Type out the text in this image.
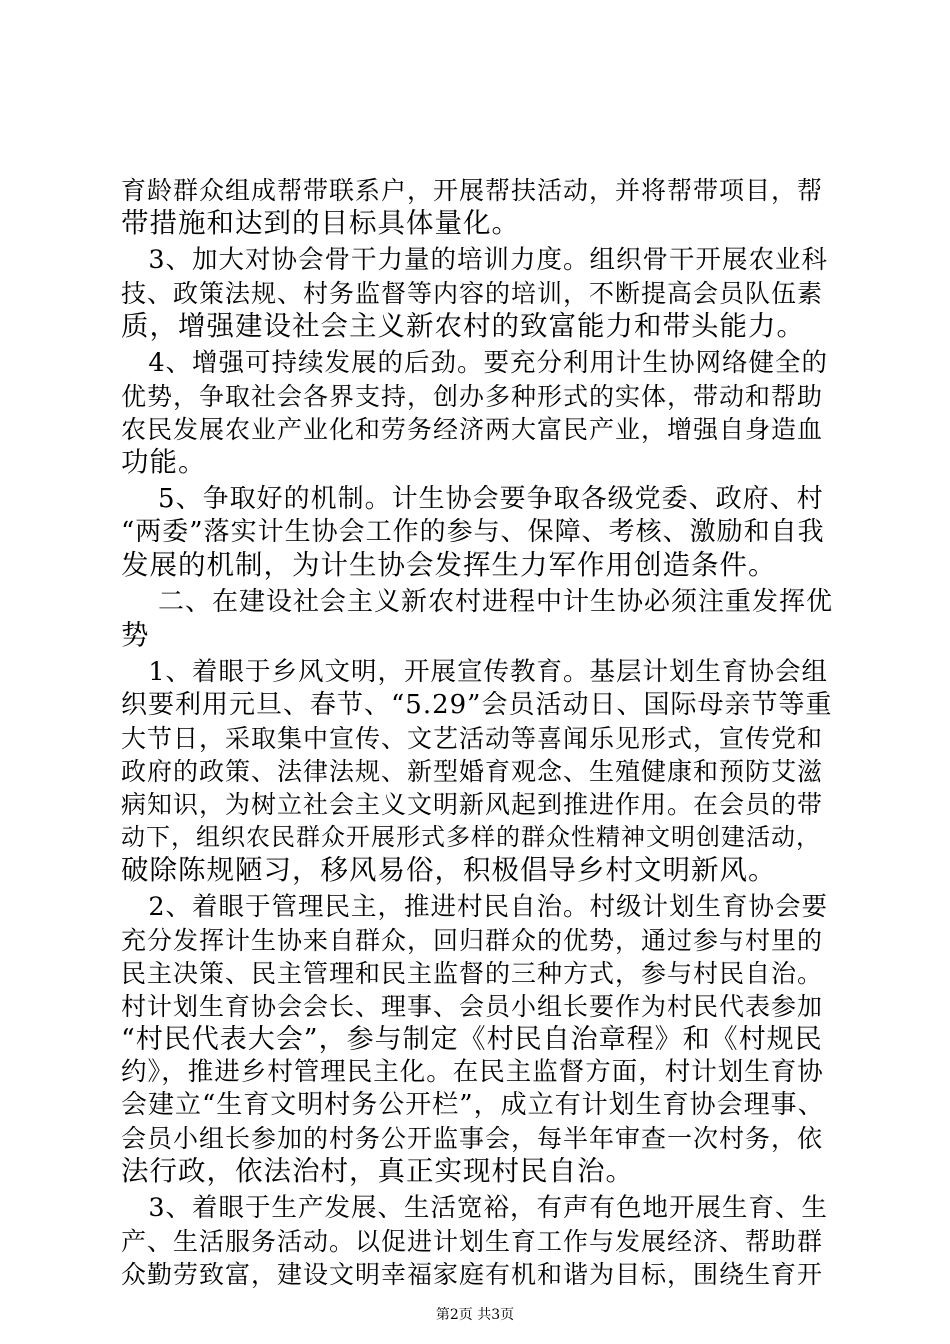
育龄群众组成帮带联系户，开展帮扶活动，并将帮带项目，帮
带措施和达到的目标具体量化。
3、加大对协会骨干力量的培训力度。组织骨干开展农业科
技、政策法规、村务监督等内容的培训，不断提高会员队伍素
质，增强建设社会主义新农村的致富能力和带头能力。
4、增强可持续发展的后劲。要充分利用计生协网络健全的
优势，争取社会各界支持，创办多种形式的实体，带动和帮助
农民发展农业产业化和劳务经济两大富民产业，增强自身造血
功能。
5、争取好的机制。计生协会要争取各级党委、政府、村
“两委”落实计生协会工作的参与、保障、考核、激励和自我
发展的机制，为计生协会发挥生力军作用创造条件。
二、在建设社会主义新农村进程中计生协必须注重发挥优
势
1、着眼于乡风文明，开展宣传教育。基层计划生育协会组
织要利用元旦、春节、“5.29”会员活动日、国际母亲节等重
大节日，采取集中宣传、文艺活动等喜闻乐见形式，宣传党和
政府的政策、法律法规、新型婚育观念、生殖健康和预防艾滋
病知识，为树立社会主义文明新风起到推进作用。在会员的带
动下，组织农民群众开展形式多样的群众性精神文明创建活动，
破除陈规陋习，移风易俗，积极倡导乡村文明新风。
2、着眼于管理民主，推进村民自治。村级计划生育协会要
充分发挥计生协来自群众，回归群众的优势，通过参与村里的
民主决策、民主管理和民主监督的三种方式，参与村民自治。
村计划生育协会会长、理事、会员小组长要作为村民代表参加
“村民代表大会”，参与制定《村民自治章程》和《村规民
约》，推进乡村管理民主化。在民主监督方面，村计划生育协
会建立“生育文明村务公开栏”，成立有计划生育协会理事、
会员小组长参加的村务公开监事会，每半年审查一次村务，依
法行政，依法治村，真正实现村民自治。
3、着眼于生产发展、生活宽裕，有声有色地开展生育、生
产、生活服务活动。以促进计划生育工作与发展经济、帮助群
众勤劳致富，建设文明幸福家庭有机和谐为目标，围绕生育开
第2页 共3页
